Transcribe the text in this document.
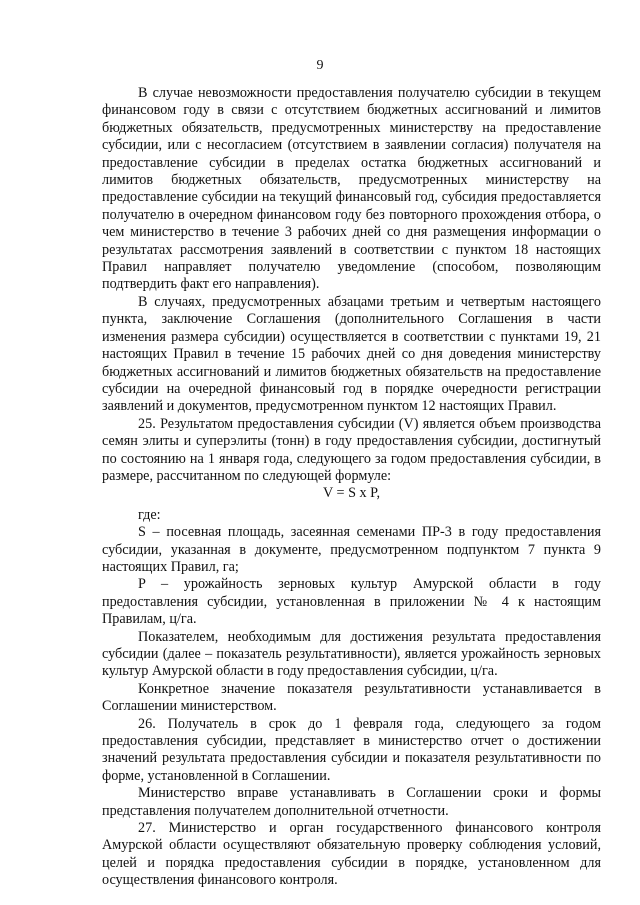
9

В случае невозможности предоставления получателю субсидии в текущем финансовом году в связи с отсутствием бюджетных ассигнований и лимитов бюджетных обязательств, предусмотренных министерству на предоставление субсидии, или с несогласием (отсутствием в заявлении согласия) получателя на предоставление субсидии в пределах остатка бюджетных ассигнований и лимитов бюджетных обязательств, предусмотренных министерству на предоставление субсидии на текущий финансовый год, субсидия предоставляется получателю в очередном финансовом году без повторного прохождения отбора, о чем министерство в течение 3 рабочих дней со дня размещения информации о результатах рассмотрения заявлений в соответствии с пунктом 18 настоящих Правил направляет получателю уведомление (способом, позволяющим подтвердить факт его направления).

В случаях, предусмотренных абзацами третьим и четвертым настоящего пункта, заключение Соглашения (дополнительного Соглашения в части изменения размера субсидии) осуществляется в соответствии с пунктами 19, 21 настоящих Правил в течение 15 рабочих дней со дня доведения министерству бюджетных ассигнований и лимитов бюджетных обязательств на предоставление субсидии на очередной финансовый год в порядке очередности регистрации заявлений и документов, предусмотренном пунктом 12 настоящих Правил.

25. Результатом предоставления субсидии (V) является объем производства семян элиты и суперэлиты (тонн) в году предоставления субсидии, достигнутый по состоянию на 1 января года, следующего за годом предоставления субсидии, в размере, рассчитанном по следующей формуле:

V = S x P,

где:

S – посевная площадь, засеянная семенами ПР-3 в году предоставления субсидии, указанная в документе, предусмотренном подпунктом 7 пункта 9 настоящих Правил, га;

P – урожайность зерновых культур Амурской области в году предоставления субсидии, установленная в приложении № 4 к настоящим Правилам, ц/га.

Показателем, необходимым для достижения результата предоставления субсидии (далее – показатель результативности), является урожайность зерновых культур Амурской области в году предоставления субсидии, ц/га.

Конкретное значение показателя результативности устанавливается в Соглашении министерством.

26. Получатель в срок до 1 февраля года, следующего за годом предоставления субсидии, представляет в министерство отчет о достижении значений результата предоставления субсидии и показателя результативности по форме, установленной в Соглашении.

Министерство вправе устанавливать в Соглашении сроки и формы представления получателем дополнительной отчетности.

27. Министерство и орган государственного финансового контроля Амурской области осуществляют обязательную проверку соблюдения условий, целей и порядка предоставления субсидии в порядке, установленном для осуществления финансового контроля.
